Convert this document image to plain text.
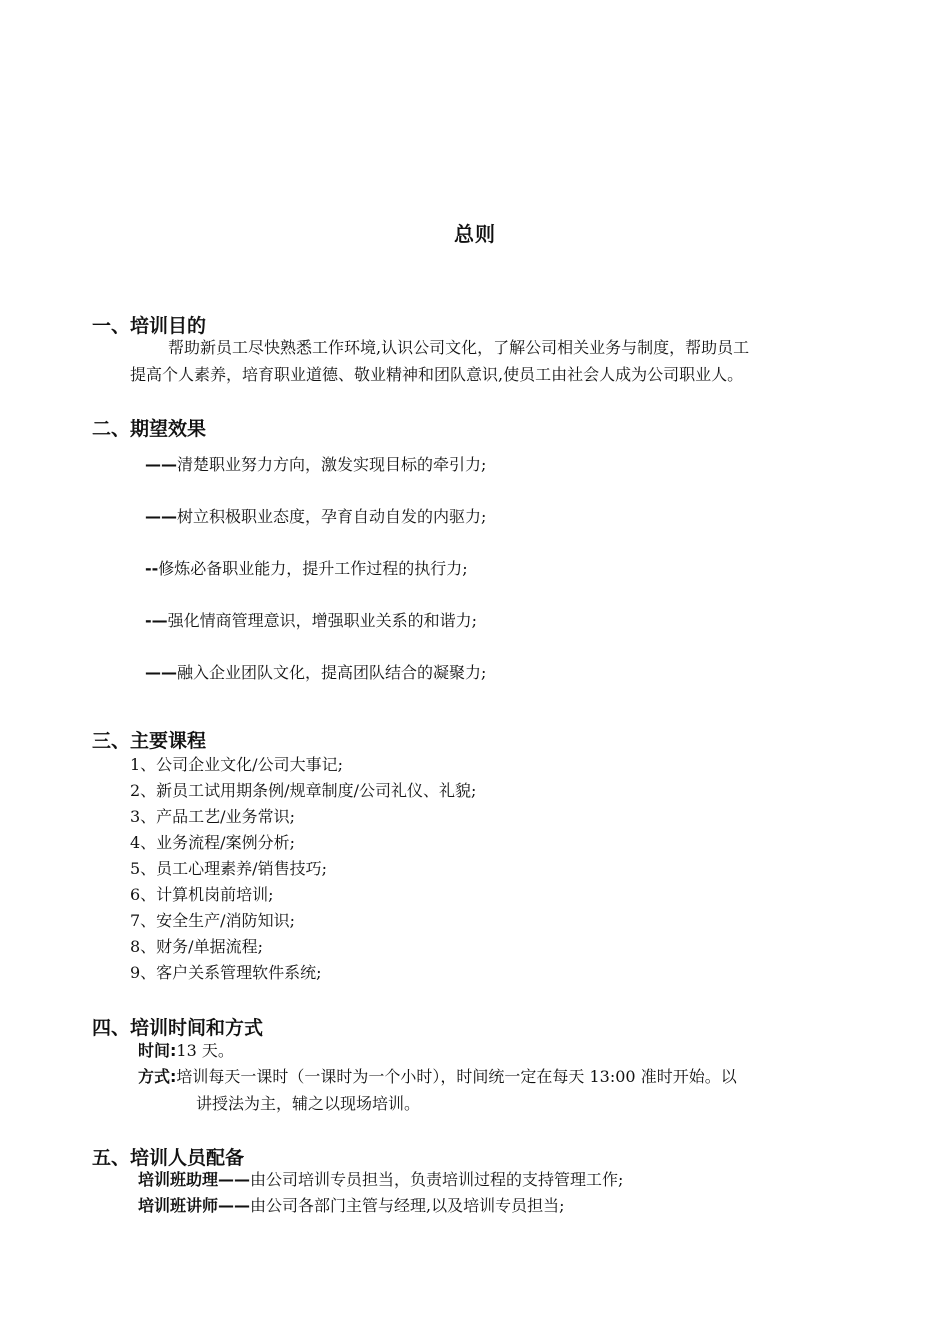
总则
一、培训目的
帮助新员工尽快熟悉工作环境,认识公司文化，了解公司相关业务与制度，帮助员工
提高个人素养，培育职业道德、敬业精神和团队意识,使员工由社会人成为公司职业人。
二、期望效果
——清楚职业努力方向，激发实现目标的牵引力;
——树立积极职业态度，孕育自动自发的内驱力;
--修炼必备职业能力，提升工作过程的执行力;
-—强化情商管理意识，增强职业关系的和谐力;
——融入企业团队文化，提高团队结合的凝聚力;
三、主要课程
1、公司企业文化/公司大事记;
2、新员工试用期条例/规章制度/公司礼仪、礼貌;
3、产品工艺/业务常识;
4、业务流程/案例分析;
5、员工心理素养/销售技巧;
6、计算机岗前培训;
7、安全生产/消防知识;
8、财务/单据流程;
9、客户关系管理软件系统;
四、培训时间和方式
时间:13 天。
方式:培训每天一课时（一课时为一个小时），时间统一定在每天 13:00 准时开始。以
讲授法为主，辅之以现场培训。
五、培训人员配备
培训班助理——由公司培训专员担当，负责培训过程的支持管理工作;
培训班讲师——由公司各部门主管与经理,以及培训专员担当;
